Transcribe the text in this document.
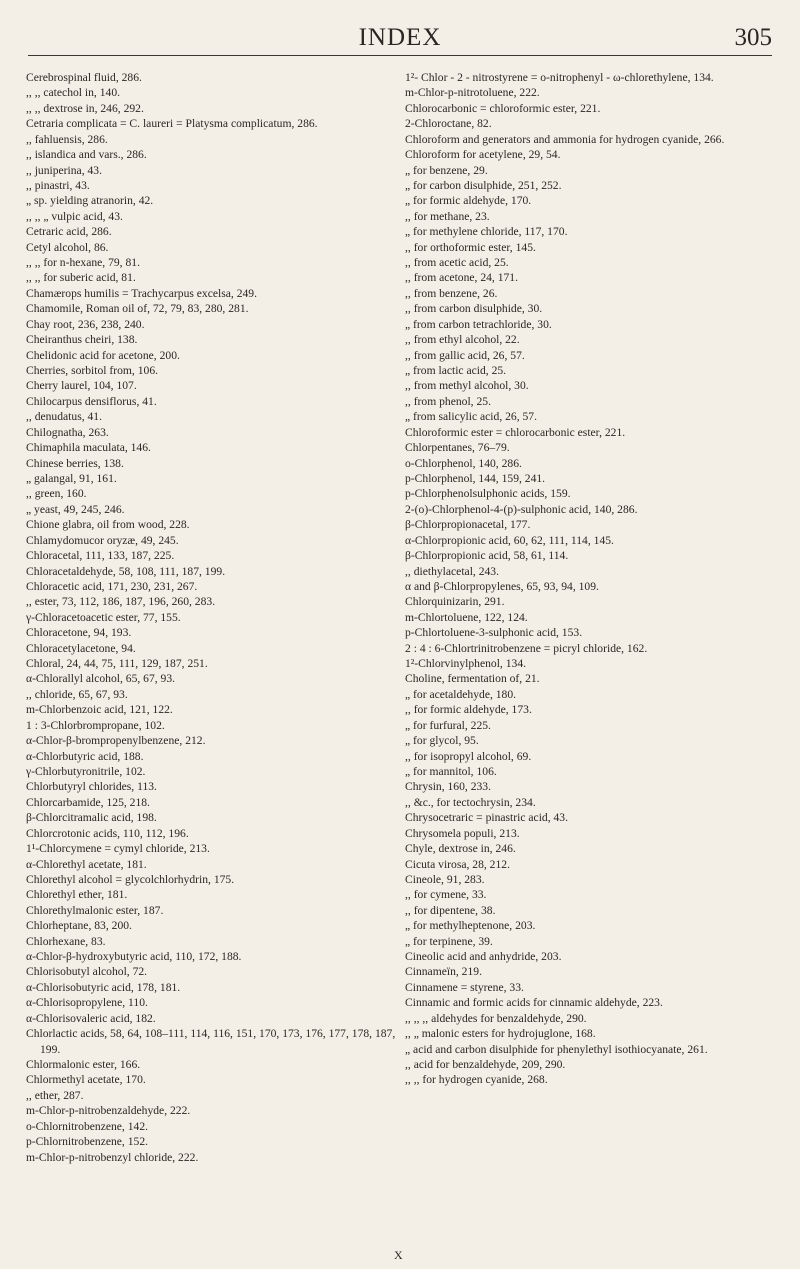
INDEX	305
Cerebrospinal fluid, 286.
,, ,, catechol in, 140.
,, ,, dextrose in, 246, 292.
Cetraria complicata = C. laureri = Platysma complicatum, 286.
,, fahluensis, 286.
,, islandica and vars., 286.
,, juniperina, 43.
,, pinastri, 43.
„ sp. yielding atranorin, 42.
,, ,, „ vulpic acid, 43.
Cetraric acid, 286.
Cetyl alcohol, 86.
,, ,, for n-hexane, 79, 81.
,, ,, for suberic acid, 81.
Chamærops humilis = Trachycarpus excelsa, 249.
Chamomile, Roman oil of, 72, 79, 83, 280, 281.
Chay root, 236, 238, 240.
Cheiranthus cheiri, 138.
Chelidonic acid for acetone, 200.
Cherries, sorbitol from, 106.
Cherry laurel, 104, 107.
Chilocarpus densiflorus, 41.
,, denudatus, 41.
Chilognatha, 263.
Chimaphila maculata, 146.
Chinese berries, 138.
„ galangal, 91, 161.
,, green, 160.
„ yeast, 49, 245, 246.
Chione glabra, oil from wood, 228.
Chlamydomucor oryzæ, 49, 245.
Chloracetal, 111, 133, 187, 225.
Chloracetaldehyde, 58, 108, 111, 187, 199.
Chloracetic acid, 171, 230, 231, 267.
,, ester, 73, 112, 186, 187, 196, 260, 283.
γ-Chloracetoacetic ester, 77, 155.
Chloracetone, 94, 193.
Chloracetylacetone, 94.
Chloral, 24, 44, 75, 111, 129, 187, 251.
α-Chlorallyl alcohol, 65, 67, 93.
,, chloride, 65, 67, 93.
m-Chlorbenzoic acid, 121, 122.
1 : 3-Chlorbrompropane, 102.
α-Chlor-β-brompropenylbenzene, 212.
α-Chlorbutyric acid, 188.
γ-Chlorbutyronitrile, 102.
Chlorbutyryl chlorides, 113.
Chlorcarbamide, 125, 218.
β-Chlorcitramalic acid, 198.
Chlorcrotonic acids, 110, 112, 196.
1¹-Chlorcymene = cymyl chloride, 213.
α-Chlorethyl acetate, 181.
Chlorethyl alcohol = glycolchlorhydrin, 175.
Chlorethyl ether, 181.
Chlorethylmalonic ester, 187.
Chlorheptane, 83, 200.
Chlorhexane, 83.
α-Chlor-β-hydroxybutyric acid, 110, 172, 188.
Chlorisobutyl alcohol, 72.
α-Chlorisobutyric acid, 178, 181.
α-Chlorisopropylene, 110.
α-Chlorisovaleric acid, 182.
Chlorlactic acids, 58, 64, 108–111, 114, 116, 151, 170, 173, 176, 177, 178, 187, 199.
Chlormalonic ester, 166.
Chlormethyl acetate, 170.
,, ether, 287.
m-Chlor-p-nitrobenzaldehyde, 222.
o-Chlornitrobenzene, 142.
p-Chlornitrobenzene, 152.
m-Chlor-p-nitrobenzyl chloride, 222.
1²- Chlor - 2 - nitrostyrene = o-nitrophenyl - ω-chlorethylene, 134.
m-Chlor-p-nitrotoluene, 222.
Chlorocarbonic = chloroformic ester, 221.
2-Chloroctane, 82.
Chloroform and generators and ammonia for hydrogen cyanide, 266.
Chloroform for acetylene, 29, 54.
„ for benzene, 29.
„ for carbon disulphide, 251, 252.
„ for formic aldehyde, 170.
,, for methane, 23.
„ for methylene chloride, 117, 170.
,, for orthoformic ester, 145.
,, from acetic acid, 25.
,, from acetone, 24, 171.
,, from benzene, 26.
,, from carbon disulphide, 30.
„ from carbon tetrachloride, 30.
,, from ethyl alcohol, 22.
,, from gallic acid, 26, 57.
„ from lactic acid, 25.
,, from methyl alcohol, 30.
,, from phenol, 25.
„ from salicylic acid, 26, 57.
Chloroformic ester = chlorocarbonic ester, 221.
Chlorpentanes, 76–79.
o-Chlorphenol, 140, 286.
p-Chlorphenol, 144, 159, 241.
p-Chlorphenolsulphonic acids, 159.
2-(o)-Chlorphenol-4-(p)-sulphonic acid, 140, 286.
β-Chlorpropionacetal, 177.
α-Chlorpropionic acid, 60, 62, 111, 114, 145.
β-Chlorpropionic acid, 58, 61, 114.
,, diethylacetal, 243.
α and β-Chlorpropylenes, 65, 93, 94, 109.
Chlorquinizarin, 291.
m-Chlortoluene, 122, 124.
p-Chlortoluene-3-sulphonic acid, 153.
2 : 4 : 6-Chlortrinitrobenzene = picryl chloride, 162.
1²-Chlorvinylphenol, 134.
Choline, fermentation of, 21.
„ for acetaldehyde, 180.
,, for formic aldehyde, 173.
„ for furfural, 225.
„ for glycol, 95.
,, for isopropyl alcohol, 69.
„ for mannitol, 106.
Chrysin, 160, 233.
,, &c., for tectochrysin, 234.
Chrysocetraric = pinastric acid, 43.
Chrysomela populi, 213.
Chyle, dextrose in, 246.
Cicuta virosa, 28, 212.
Cineole, 91, 283.
,, for cymene, 33.
,, for dipentene, 38.
„ for methylheptenone, 203.
„ for terpinene, 39.
Cineolic acid and anhydride, 203.
Cinnameïn, 219.
Cinnamene = styrene, 33.
Cinnamic and formic acids for cinnamic aldehyde, 223.
,, ,, ,, aldehydes for benzaldehyde, 290.
,, „ malonic esters for hydrojuglone, 168.
„ acid and carbon disulphide for phenylethyl isothiocyanate, 261.
,, acid for benzaldehyde, 209, 290.
,, ,, for hydrogen cyanide, 268.
X
